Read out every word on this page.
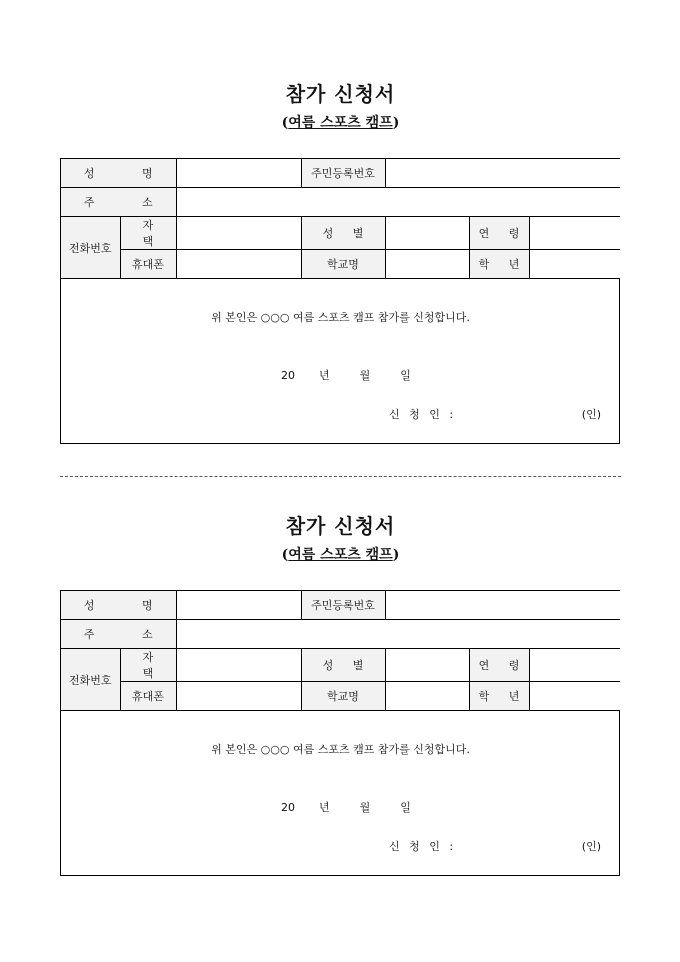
참가 신청서
(여름 스포츠 캠프)
성 명			주민등록번호			
주 소						
전화번호	자 택		성 별		연 령	
	휴대폰		학교명		학 년	
위 본인은 ○○○ 여름 스포츠 캠프 참가를 신청합니다.
20 년	월	일
신 청 인 :	(인)
참가 신청서
(여름 스포츠 캠프)
성 명			주민등록번호			
주 소						
전화번호	자 택		성 별		연 령	
	휴대폰		학교명		학 년	
위 본인은 ○○○ 여름 스포츠 캠프 참가를 신청합니다.
20 년	월	일
신 청 인 :	(인)
